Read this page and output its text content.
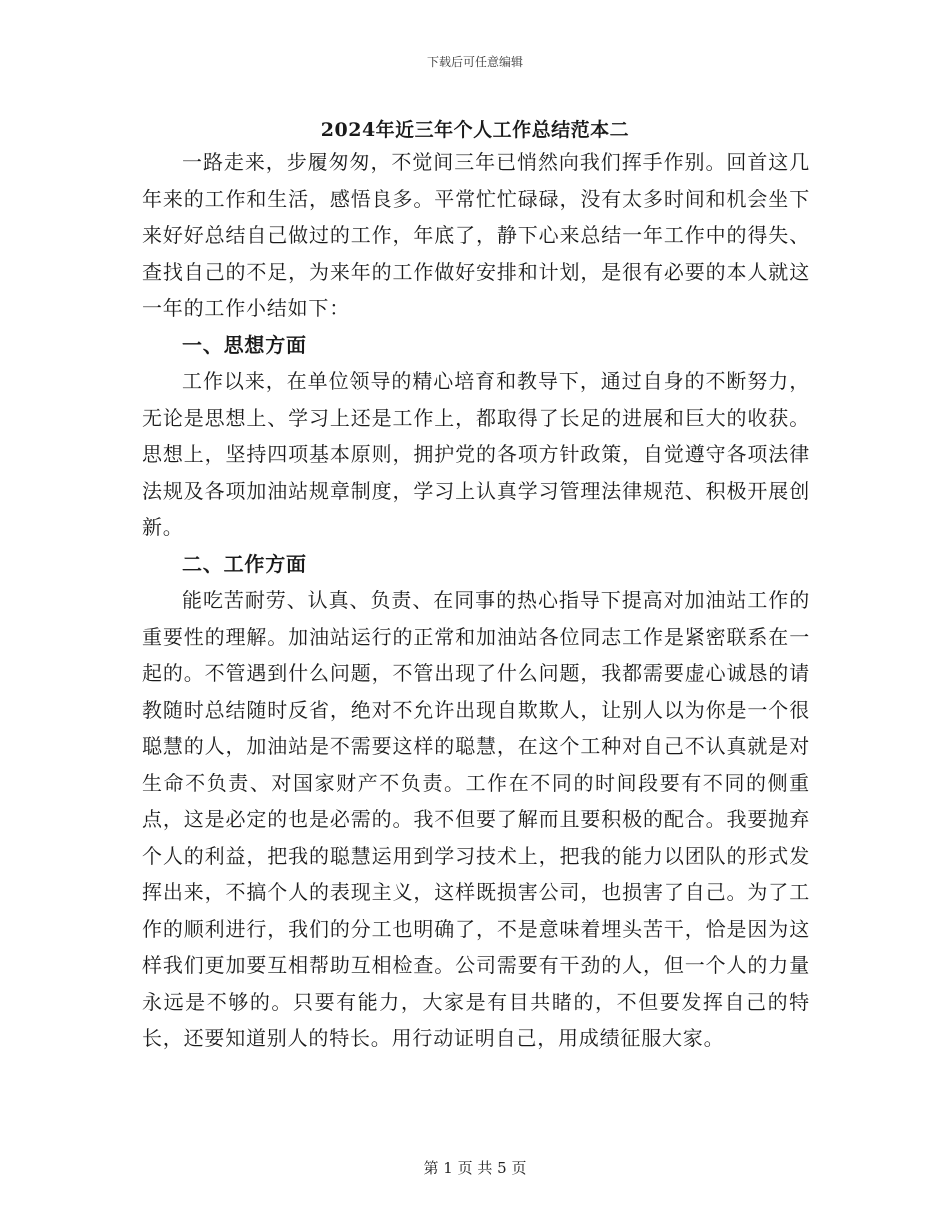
下载后可任意编辑
2024年近三年个人工作总结范本二

一路走来，步履匆匆，不觉间三年已悄然向我们挥手作别。回首这几年来的工作和生活，感悟良多。平常忙忙碌碌，没有太多时间和机会坐下来好好总结自己做过的工作，年底了，静下心来总结一年工作中的得失、查找自己的不足，为来年的工作做好安排和计划，是很有必要的本人就这一年的工作小结如下：

一、思想方面

工作以来，在单位领导的精心培育和教导下，通过自身的不断努力，无论是思想上、学习上还是工作上，都取得了长足的进展和巨大的收获。思想上，坚持四项基本原则，拥护党的各项方针政策，自觉遵守各项法律法规及各项加油站规章制度，学习上认真学习管理法律规范、积极开展创新。

二、工作方面

能吃苦耐劳、认真、负责、在同事的热心指导下提高对加油站工作的重要性的理解。加油站运行的正常和加油站各位同志工作是紧密联系在一起的。不管遇到什么问题，不管出现了什么问题，我都需要虚心诚恳的请教随时总结随时反省，绝对不允许出现自欺欺人，让别人以为你是一个很聪慧的人，加油站是不需要这样的聪慧，在这个工种对自己不认真就是对生命不负责、对国家财产不负责。工作在不同的时间段要有不同的侧重点，这是必定的也是必需的。我不但要了解而且要积极的配合。我要抛弃个人的利益，把我的聪慧运用到学习技术上，把我的能力以团队的形式发挥出来，不搞个人的表现主义，这样既损害公司，也损害了自己。为了工作的顺利进行，我们的分工也明确了，不是意味着埋头苦干，恰是因为这样我们更加要互相帮助互相检查。公司需要有干劲的人，但一个人的力量永远是不够的。只要有能力，大家是有目共睹的，不但要发挥自己的特长，还要知道别人的特长。用行动证明自己，用成绩征服大家。

第 1 页 共 5 页
